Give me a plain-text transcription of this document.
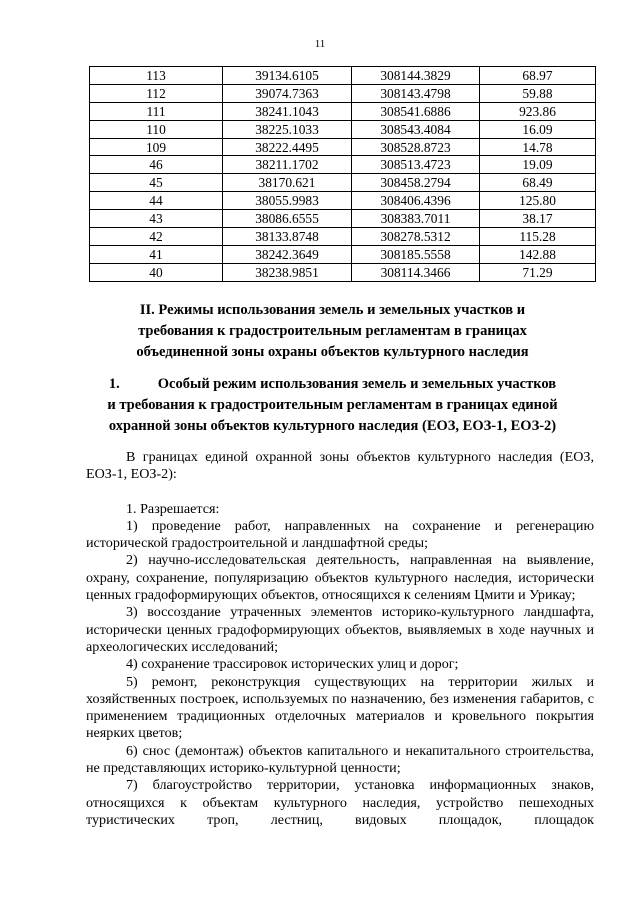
11
113	39134.6105	308144.3829	68.97
112	39074.7363	308143.4798	59.88
111	38241.1043	308541.6886	923.86
110	38225.1033	308543.4084	16.09
109	38222.4495	308528.8723	14.78
46	38211.1702	308513.4723	19.09
45	38170.621	308458.2794	68.49
44	38055.9983	308406.4396	125.80
43	38086.6555	308383.7011	38.17
42	38133.8748	308278.5312	115.28
41	38242.3649	308185.5558	142.88
40	38238.9851	308114.3466	71.29
II. Режимы использования земель и земельных участков и
требования к градостроительным регламентам в границах
объединенной зоны охраны объектов культурного наследия
1.	Особый режим использования земель и земельных участков
и требования к градостроительным регламентам в границах единой
охранной зоны объектов культурного наследия (ЕОЗ, ЕОЗ-1, ЕОЗ-2)

В границах единой охранной зоны объектов культурного наследия (ЕОЗ, ЕОЗ-1, ЕОЗ-2):

1. Разрешается:

1) проведение работ, направленных на сохранение и регенерацию исторической градостроительной и ландшафтной среды;

2) научно-исследовательская деятельность, направленная на выявление, охрану, сохранение, популяризацию объектов культурного наследия, исторически ценных градоформирующих объектов, относящихся к селениям Цмити и Урикау;

3) воссоздание утраченных элементов историко-культурного ландшафта, исторически ценных градоформирующих объектов, выявляемых в ходе научных и археологических исследований;

4) сохранение трассировок исторических улиц и дорог;

5) ремонт, реконструкция существующих на территории жилых и хозяйственных построек, используемых по назначению, без изменения габаритов, с применением традиционных отделочных материалов и кровельного покрытия неярких цветов;

6) снос (демонтаж) объектов капитального и некапитального строительства, не представляющих историко-культурной ценности;

7) благоустройство территории, установка информационных знаков, относящихся к объектам культурного наследия, устройство пешеходных туристических троп, лестниц, видовых площадок, площадок
